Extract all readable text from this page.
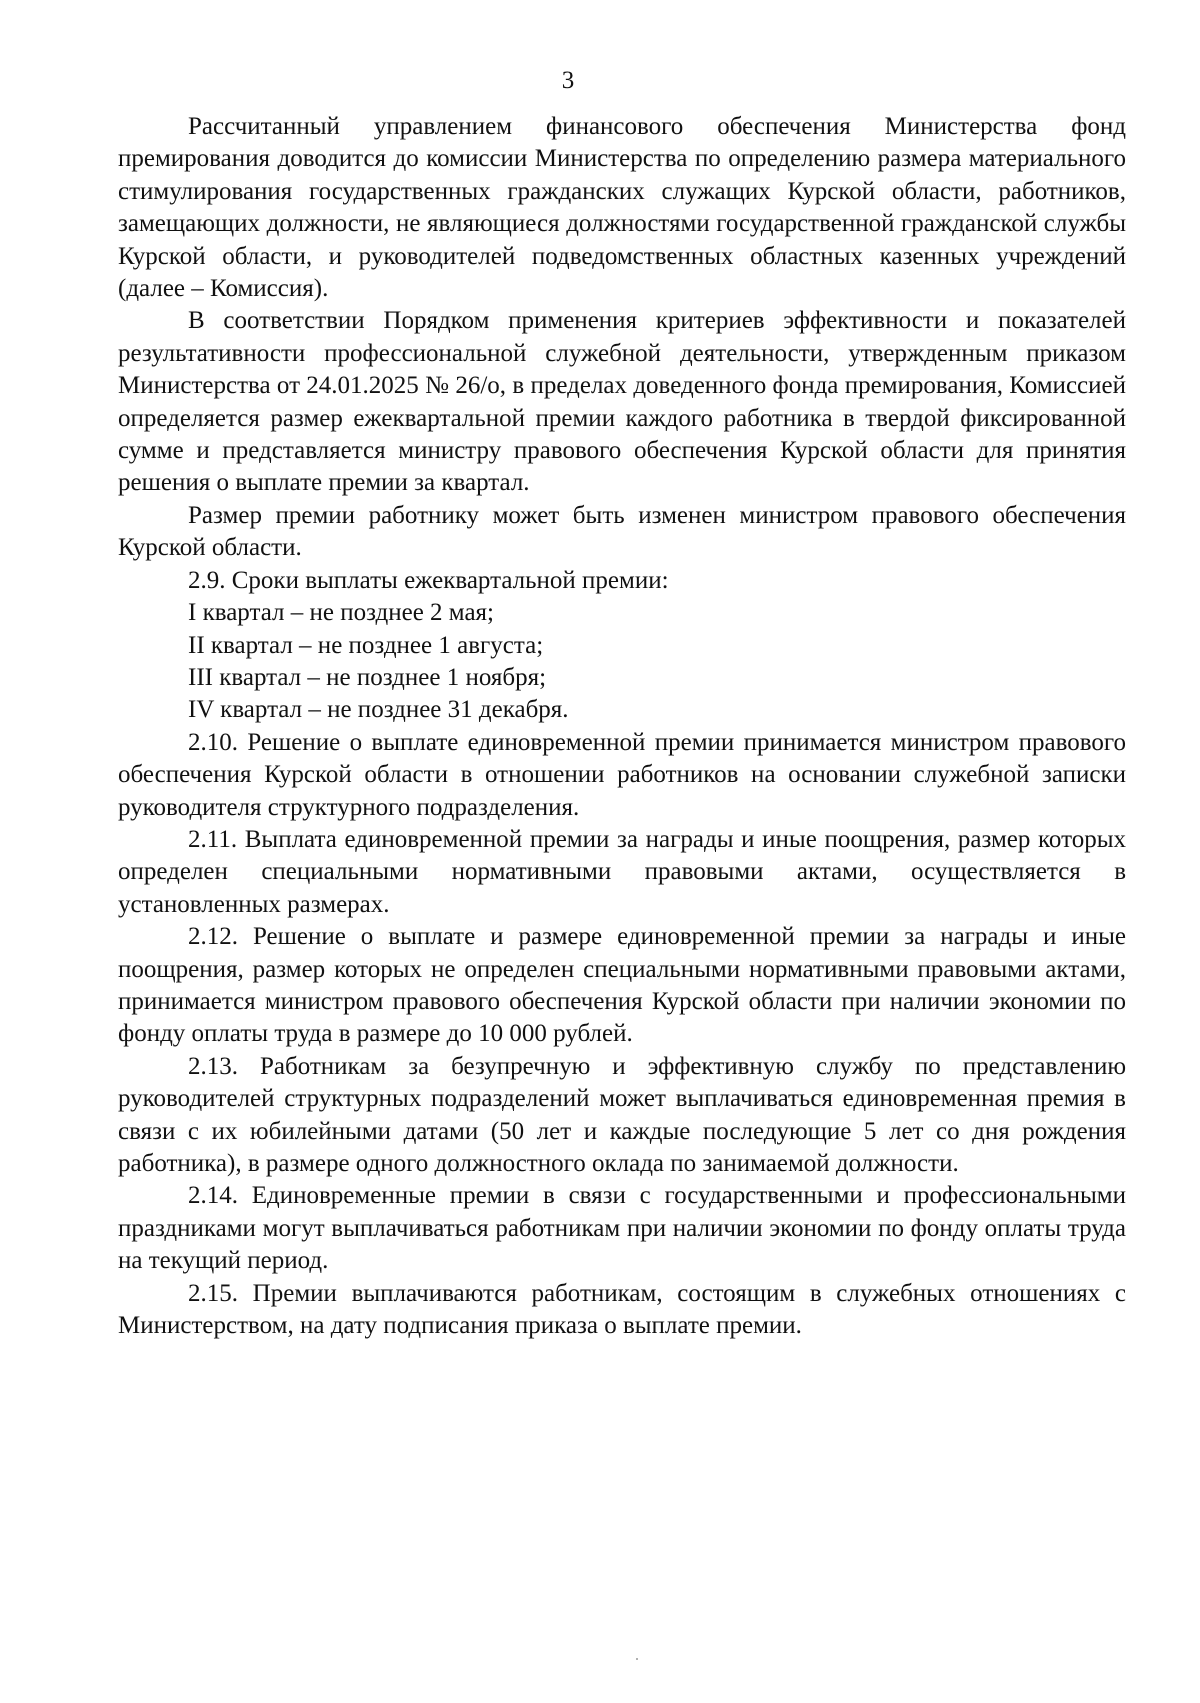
3

Рассчитанный управлением финансового обеспечения Министерства фонд премирования доводится до комиссии Министерства по определению размера материального стимулирования государственных гражданских служащих Курской области, работников, замещающих должности, не являющиеся должностями государственной гражданской службы Курской области, и руководителей подведомственных областных казенных учреждений (далее – Комиссия).

В соответствии Порядком применения критериев эффективности и показателей результативности профессиональной служебной деятельности, утвержденным приказом Министерства от 24.01.2025 № 26/о, в пределах доведенного фонда премирования, Комиссией определяется размер ежеквартальной премии каждого работника в твердой фиксированной сумме и представляется министру правового обеспечения Курской области для принятия решения о выплате премии за квартал.

Размер премии работнику может быть изменен министром правового обеспечения Курской области.

2.9. Сроки выплаты ежеквартальной премии:

I квартал – не позднее 2 мая;

II квартал – не позднее 1 августа;

III квартал – не позднее 1 ноября;

IV квартал – не позднее 31 декабря.

2.10. Решение о выплате единовременной премии принимается министром правового обеспечения Курской области в отношении работников на основании служебной записки руководителя структурного подразделения.

2.11. Выплата единовременной премии за награды и иные поощрения, размер которых определен специальными нормативными правовыми актами, осуществляется в установленных размерах.

2.12. Решение о выплате и размере единовременной премии за награды и иные поощрения, размер которых не определен специальными нормативными правовыми актами, принимается министром правового обеспечения Курской области при наличии экономии по фонду оплаты труда в размере до 10 000 рублей.

2.13. Работникам за безупречную и эффективную службу по представлению руководителей структурных подразделений может выплачиваться единовременная премия в связи с их юбилейными датами (50 лет и каждые последующие 5 лет со дня рождения работника), в размере одного должностного оклада по занимаемой должности.

2.14. Единовременные премии в связи с государственными и профессиональными праздниками могут выплачиваться работникам при наличии экономии по фонду оплаты труда на текущий период.

2.15. Премии выплачиваются работникам, состоящим в служебных отношениях с Министерством, на дату подписания приказа о выплате премии.
